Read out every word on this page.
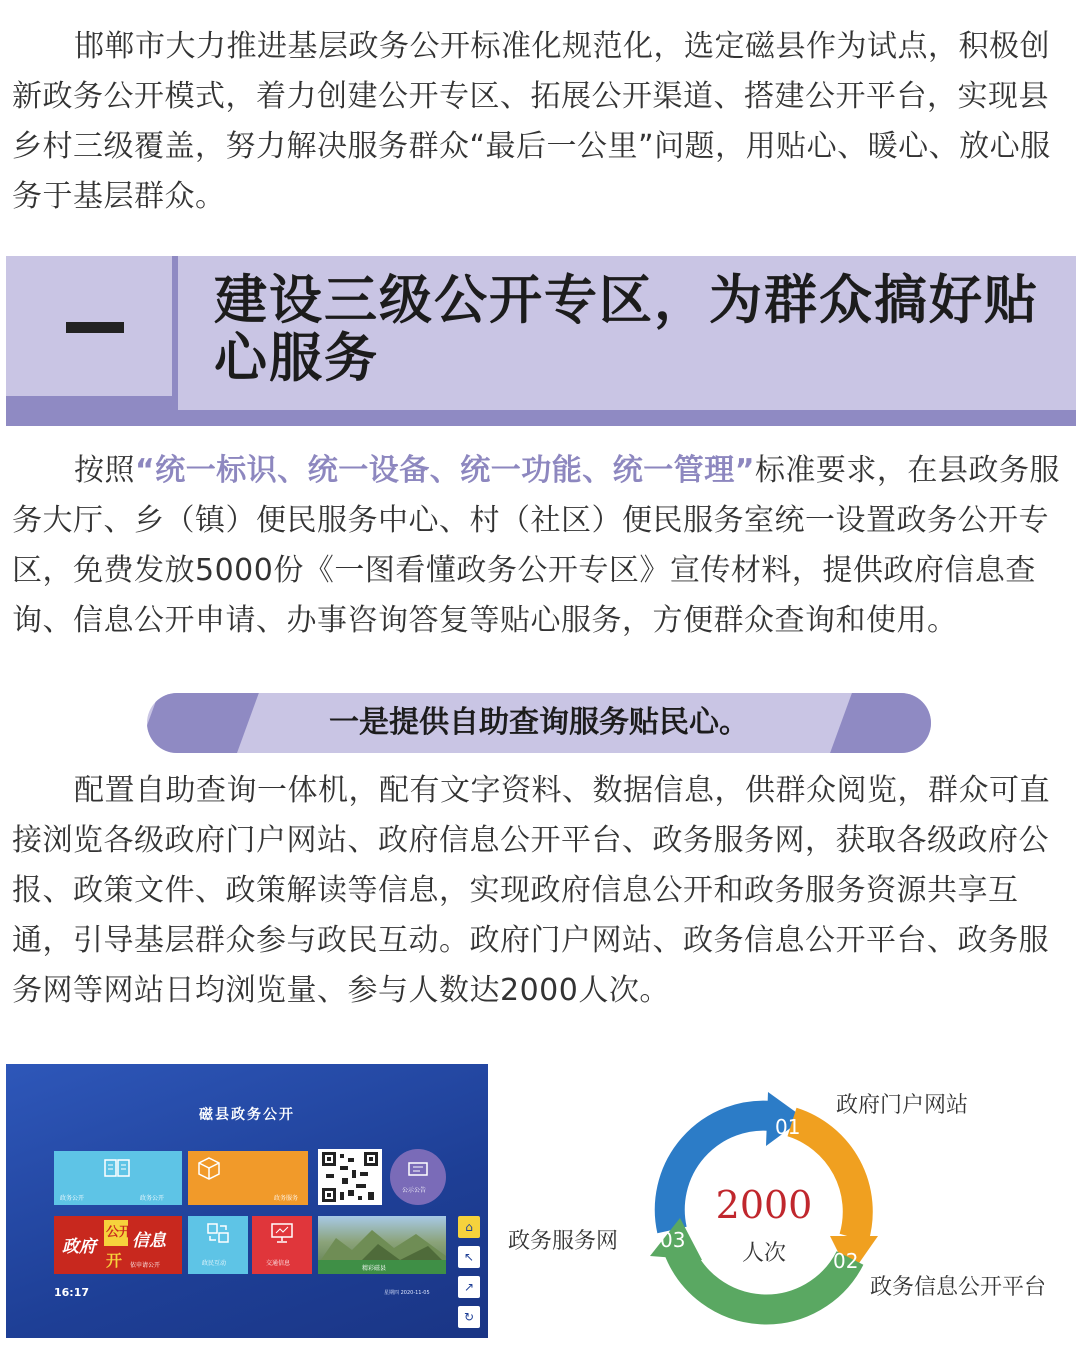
邯郸市大力推进基层政务公开标准化规范化，选定磁县作为试点，积极创新政务公开模式，着力创建公开专区、拓展公开渠道、搭建公开平台，实现县乡村三级覆盖，努力解决服务群众“最后一公里”问题，用贴心、暖心、放心服务于基层群众。

建设三级公开专区，为群众搞好贴心服务

按照“统一标识、统一设备、统一功能、统一管理”标准要求，在县政务服务大厅、乡（镇）便民服务中心、村（社区）便民服务室统一设置政务公开专区，免费发放5000份《一图看懂政务公开专区》宣传材料，提供政府信息查询、信息公开申请、办事咨询答复等贴心服务，方便群众查询和使用。

一是提供自助查询服务贴民心。

配置自助查询一体机，配有文字资料、数据信息，供群众阅览，群众可直接浏览各级政府门户网站、政府信息公开平台、政务服务网，获取各级政府公报、政策文件、政策解读等信息，实现政府信息公开和政务服务资源共享互通，引导基层群众参与政民互动。政府门户网站、政务信息公开平台、政务服务网等网站日均浏览量、参与人数达2000人次。

磁县政务公开
政务公开	政务公开	政务服务
公示公告
政府
公开 信息
开 依申请公开	政民互动	交通信息
精彩磁县
16:17	星期四 2020-11-05
⌂
↖
↗
↻
01
02
03
2000
人次
政府门户网站
政务信息公开平台
政务服务网
